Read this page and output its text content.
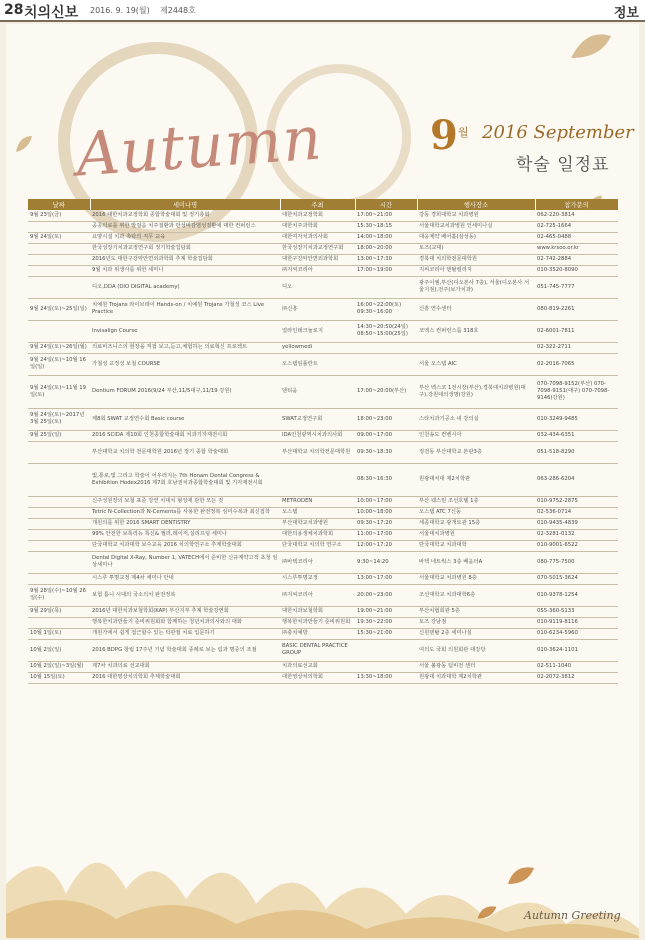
28 치의신보 2016. 9. 19(월) 제2448호	정보
Autumn	9 월 2016 September
학술 일정표
Autumn Greeting
날짜	세미나명	주최	시간	행사장소	참가문의
9월 23일(금)	2016 대한치과교정학회 종합학술대회 및 정기총회	대한치과교정학회	17:00~21:00	강동 경희대학교 치과병원	062-220-3814
	공공의료를 위한 발걸음 치주질환과 만성비감염성질환에 대한 컨퍼런스	대한치주과학회	15:30~18:15	서울대학교치과병원 인세미나실	02-725-1664
9월 24일(토)	요양시설 치과 촉탁의 직무 교육	대한여자치과의사회	14:00~18:00	대웅제약 베어홀(삼성동)	02-465-0488
	한국성장기치과교정연구회 정기학술집담회	한국성장기치과교정연구회	18:00~20:00	토즈(교대)	www.krsoo.or.kr
	2016년도 대한구강악안면외과학회 추계 학술집담회	대한구강악안면외과학회	13:00~17:30	경북대 치의학전문대학원	02-742-2884
	9월 치과 위생사를 위한 세미나	㈜지씨코리아	17:00~19:00	지씨코리아 덴탈컬리지	010-3520-8090
	디오,DDA (DIO DIGITAL academy)	디오		광주이엠,부산(디오본사 7층), 서울(디오본사 서울지점),전주(보가치과)	051-745-7777
9월 24일(토)~25일(일)	치예원 Trojans 라이브데이 Hands-on / 치예원 Trojans 가철성 코스 Live Practice	㈜신흥	16:00~22:00(토) 09:30~16:00	신흥 연수센터	080-819-2261
	Invisalign Course	얼라인테크놀로지	14:30~20:50(24일) 08:50~15:00(25일)	코엑스 컨퍼런스룸 318호	02-6001-7811
9월 24일(토)~26일(월)	의료비즈니스의 현장을 직접 보고,듣고,체험하는 의료혁신 프로젝트	yellowmedi			02-322-2711
9월 24일(토)~10월 16일(일)	가철성 교정성 보철 COURSE	오스템임플란트		서울 오스템 AIC	02-2016-7065
9월 24일(토)~11월 19일(토)	Dentium FORUM 2016(9/24 부산,11/5대구,11/19 강원)	덴티움	17:00~20:00(부산)	부산 벡스코 1전시장(부산),경북대치과병원(대구),강원대의생명(강원)	070-7098-9152(부산) 070-7098-9151(대구) 070-7098-9146(강원)
9월 24일(토)~2017년 3월 25일(토)	제8회 SWAT 교정연수회 Basic course	SWAT교정연구회	18:00~23:00	스타치과기공소 내 강의실	010-3249-9485
9월 25일(일)	2016 SCIDA 제10회 인천종합학술대회 치과기자재전시회	IDA인천광역시치과의사회	09:00~17:00	인천송도 컨벤시아	032-434-6351
	부산대학교 치의학 전문대학원 2016년 정기 종합 학술대회	부산대학교 치의학전문대학원	09:30~18:30	정전동 부산대학교 본관3층	051-518-8290
	빛,통로,빛 그리고 학술이 어우러지는 7th Honam Dental Congress & Exhibition Hodex2016 제7회 호남권치과종합학술대회 및 기자재전시회		08:30~16:30	원광대치대 제2치학관	063-286-6204
	신주성원장의 보철 표준 강연 치대치 형성에 관한 모든 것	METRODEN	10:00~17:00	부산 웨스틴 조선호텔 1층	010-9752-2875
	Tetric N-Collection과 N-Cements를 사용한 완전정복 심미수복과 최신접착	오스템	10:00~18:00	오스템 ATC 7신동	02-536-0714
	개원의를 위한 2016 SMART DENTISTRY	부산대학교치과병원	09:30~17:20	세종대학교 광개토관 15층	010-9435-4839
	99% 안전한 보톡리뉴 톡신& 필러,레이저,실리프팅 세미나	대한의용생체치과학회	11:00~17:00	서울대치과병원	02-3281-0132
	단국대학교 치과대학 보수교육 2016 치의학연구소 추계학술대회	단국대학교 치의학 연구소	12:00~17:20	단국대학교 치과대학	010-9001-6522
	Dental Digital X-Ray, Number 1, VATECH에서 준비한 신규계약고객 초청 임상세미나	㈜바텍코리아	9:30~14:20	바텍 네트웍스 3층 베움터A	080-775-7500
	시스루 투명교정 제4차 세미나 안내	시스루투명교정	13:00~17:00	서울대학교 치과병원 8층	070-5015-3624
9월 28일(수)~10월 26일(수)	보험 틈니 시대의 국소의치 완전정복	㈜지씨코리아	20:00~23:00	조선대학교 치과대학6층	010-9378-1254
9월 29일(목)	2016년 대한치과보철학회(KAP) 부산지부 추계 학술강연회	대한치과보철학회	19:00~21:00	부산치협회관 5층	055-360-5133
	행복한치과만들기 준비위원회와 함께하는 청년치과의사와의 대화	행복한치과만들기 준비위원회	19:30~22:00	토즈 강남점	010-9119-8116
10월 1일(토)	개원가에서 쉽게 접근할수 있는 턱관절 치료 입문하기	㈜충치예방	15:30~21:00	신원덴탈 2층 세미나실	010-6234-5960
10월 2일(일)	2016 BDPG 창립 17주년 기념 학술대회 종례로 보는 림과 명증의 조절	BASIC DENTAL PRACTICE GROUP		여의도 국회 의원회관 대강당	010-3624-1101
10월 2일(일)~3일(월)	제7차 치과의료 선교대회	치과의료선교회		서울 불광동 팀비전 센터	02-511-1040
10월 15일(토)	2016 대한영상치의학회 추계학술대회	대한영상치의학회	13:30~18:00	원광대 치과대학 제2치학관	02-2072-3812
